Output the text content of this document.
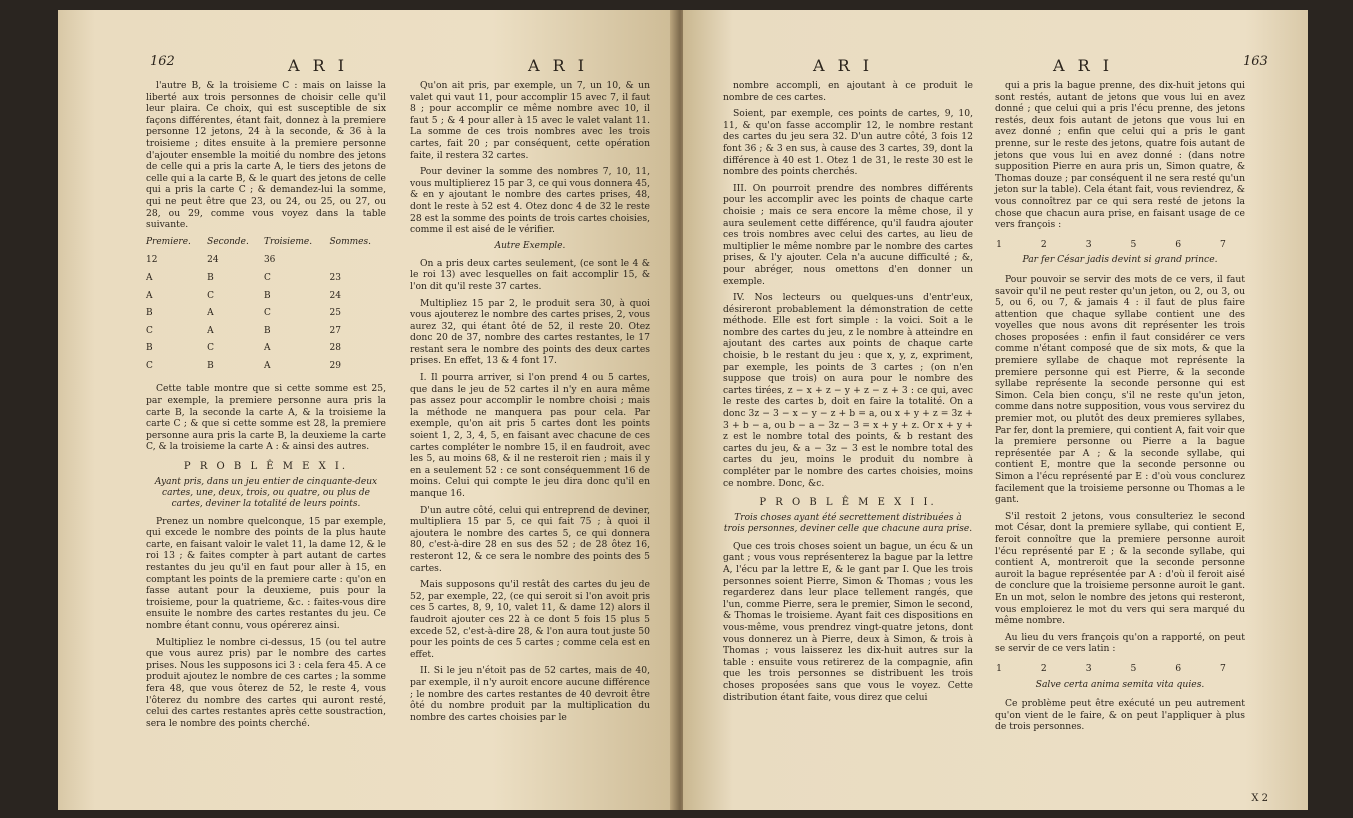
162	A R I	A R I

l'autre B, & la troisieme C : mais on laisse la liberté aux trois personnes de choisir celle qu'il leur plaira. Ce choix, qui est susceptible de six façons différentes, étant fait, donnez à la premiere personne 12 jetons, 24 à la seconde, & 36 à la troisieme ; dites ensuite à la premiere personne d'ajouter ensemble la moitié du nombre des jetons de celle qui a pris la carte A, le tiers des jetons de celle qui a la carte B, & le quart des jetons de celle qui a pris la carte C ; & demandez-lui la somme, qui ne peut être que 23, ou 24, ou 25, ou 27, ou 28, ou 29, comme vous voyez dans la table suivante.

Premiere.	Seconde.	Troisieme.	Sommes.
12	24	36	
A	B	C	23
A	C	B	24
B	A	C	25
C	A	B	27
B	C	A	28
C	B	A	29

Cette table montre que si cette somme est 25, par exemple, la premiere personne aura pris la carte B, la seconde la carte A, & la troisieme la carte C ; & que si cette somme est 28, la premiere personne aura pris la carte B, la deuxieme la carte C, & la troisieme la carte A : & ainsi des autres.

P R O B L Ê M E X I.
Ayant pris, dans un jeu entier de cinquante-deux cartes, une, deux, trois, ou quatre, ou plus de cartes, deviner la totalité de leurs points.

Prenez un nombre quelconque, 15 par exemple, qui excede le nombre des points de la plus haute carte, en faisant valoir le valet 11, la dame 12, & le roi 13 ; & faites compter à part autant de cartes restantes du jeu qu'il en faut pour aller à 15, en comptant les points de la premiere carte : qu'on en fasse autant pour la deuxieme, puis pour la troisieme, pour la quatrieme, &c. : faites-vous dire ensuite le nombre des cartes restantes du jeu. Ce nombre étant connu, vous opérerez ainsi.

Multipliez le nombre ci-dessus, 15 (ou tel autre que vous aurez pris) par le nombre des cartes prises. Nous les supposons ici 3 : cela fera 45. A ce produit ajoutez le nombre de ces cartes ; la somme fera 48, que vous ôterez de 52, le reste 4, vous l'ôterez du nombre des cartes qui auront resté, celui des cartes restantes après cette soustraction, sera le nombre des points cherché.

Qu'on ait pris, par exemple, un 7, un 10, & un valet qui vaut 11, pour accomplir 15 avec 7, il faut 8 ; pour accomplir ce même nombre avec 10, il faut 5 ; & 4 pour aller à 15 avec le valet valant 11. La somme de ces trois nombres avec les trois cartes, fait 20 ; par conséquent, cette opération faite, il restera 32 cartes.

Pour deviner la somme des nombres 7, 10, 11, vous multiplierez 15 par 3, ce qui vous donnera 45, & en y ajoutant le nombre des cartes prises, 48, dont le reste à 52 est 4. Otez donc 4 de 32 le reste 28 est la somme des points de trois cartes choisies, comme il est aisé de le vérifier.

Autre Exemple.

On a pris deux cartes seulement, (ce sont le 4 & le roi 13) avec lesquelles on fait accomplir 15, & l'on dit qu'il reste 37 cartes.

Multipliez 15 par 2, le produit sera 30, à quoi vous ajouterez le nombre des cartes prises, 2, vous aurez 32, qui étant ôté de 52, il reste 20. Otez donc 20 de 37, nombre des cartes restantes, le 17 restant sera le nombre des points des deux cartes prises. En effet, 13 & 4 font 17.

I. Il pourra arriver, si l'on prend 4 ou 5 cartes, que dans le jeu de 52 cartes il n'y en aura même pas assez pour accomplir le nombre choisi ; mais la méthode ne manquera pas pour cela. Par exemple, qu'on ait pris 5 cartes dont les points soient 1, 2, 3, 4, 5, en faisant avec chacune de ces cartes compléter le nombre 15, il en faudroit, avec les 5, au moins 68, & il ne resteroit rien ; mais il y en a seulement 52 : ce sont conséquemment 16 de moins. Celui qui compte le jeu dira donc qu'il en manque 16.

D'un autre côté, celui qui entreprend de deviner, multipliera 15 par 5, ce qui fait 75 ; à quoi il ajoutera le nombre des cartes 5, ce qui donnera 80, c'est-à-dire 28 en sus des 52 ; de 28 ôtez 16, resteront 12, & ce sera le nombre des points des 5 cartes.

Mais supposons qu'il restât des cartes du jeu de 52, par exemple, 22, (ce qui seroit si l'on avoit pris ces 5 cartes, 8, 9, 10, valet 11, & dame 12) alors il faudroit ajouter ces 22 à ce dont 5 fois 15 plus 5 excede 52, c'est-à-dire 28, & l'on aura tout juste 50 pour les points de ces 5 cartes ; comme cela est en effet.

II. Si le jeu n'étoit pas de 52 cartes, mais de 40, par exemple, il n'y auroit encore aucune différence ; le nombre des cartes restantes de 40 devroit être ôté du nombre produit par la multiplication du nombre des cartes choisies par le

A R I	A R I	163

nombre accompli, en ajoutant à ce produit le nombre de ces cartes.

Soient, par exemple, ces points de cartes, 9, 10, 11, & qu'on fasse accomplir 12, le nombre restant des cartes du jeu sera 32. D'un autre côté, 3 fois 12 font 36 ; & 3 en sus, à cause des 3 cartes, 39, dont la différence à 40 est 1. Otez 1 de 31, le reste 30 est le nombre des points cherchés.

III. On pourroit prendre des nombres différents pour les accomplir avec les points de chaque carte choisie ; mais ce sera encore la même chose, il y aura seulement cette différence, qu'il faudra ajouter ces trois nombres avec celui des cartes, au lieu de multiplier le même nombre par le nombre des cartes prises, & l'y ajouter. Cela n'a aucune difficulté ; &, pour abréger, nous omettons d'en donner un exemple.

IV. Nos lecteurs ou quelques-uns d'entr'eux, désireront probablement la démonstration de cette méthode. Elle est fort simple : la voici. Soit a le nombre des cartes du jeu, z le nombre à atteindre en ajoutant des cartes aux points de chaque carte choisie, b le restant du jeu : que x, y, z, expriment, par exemple, les points de 3 cartes ; (on n'en suppose que trois) on aura pour le nombre des cartes tirées, z − x + z − y + z − z + 3 : ce qui, avec le reste des cartes b, doit en faire la totalité. On a donc 3z − 3 − x − y − z + b = a, ou x + y + z = 3z + 3 + b − a, ou b − a − 3z − 3 = x + y + z. Or x + y + z est le nombre total des points, & b restant des cartes du jeu, & a − 3z − 3 est le nombre total des cartes du jeu, moins le produit du nombre à compléter par le nombre des cartes choisies, moins ce nombre. Donc, &c.

P R O B L Ê M E X I I.
Trois choses ayant été secrettement distribuées à trois personnes, deviner celle que chacune aura prise.

Que ces trois choses soient un bague, un écu & un gant ; vous vous représenterez la bague par la lettre A, l'écu par la lettre E, & le gant par I. Que les trois personnes soient Pierre, Simon & Thomas ; vous les regarderez dans leur place tellement rangés, que l'un, comme Pierre, sera le premier, Simon le second, & Thomas le troisieme. Ayant fait ces dispositions en vous-même, vous prendrez vingt-quatre jetons, dont vous donnerez un à Pierre, deux à Simon, & trois à Thomas ; vous laisserez les dix-huit autres sur la table : ensuite vous retirerez de la compagnie, afin que les trois personnes se distribuent les trois choses proposées sans que vous le voyez. Cette distribution étant faite, vous direz que celui

qui a pris la bague prenne, des dix-huit jetons qui sont restés, autant de jetons que vous lui en avez donné ; que celui qui a pris l'écu prenne, des jetons restés, deux fois autant de jetons que vous lui en avez donné ; enfin que celui qui a pris le gant prenne, sur le reste des jetons, quatre fois autant de jetons que vous lui en avez donné : (dans notre supposition Pierre en aura pris un, Simon quatre, & Thomas douze ; par conséquent il ne sera resté qu'un jeton sur la table). Cela étant fait, vous reviendrez, & vous connoîtrez par ce qui sera resté de jetons la chose que chacun aura prise, en faisant usage de ce vers françois :

1 2 3 5 6 7
Par fer César jadis devint si grand prince.

Pour pouvoir se servir des mots de ce vers, il faut savoir qu'il ne peut rester qu'un jeton, ou 2, ou 3, ou 5, ou 6, ou 7, & jamais 4 : il faut de plus faire attention que chaque syllabe contient une des voyelles que nous avons dit représenter les trois choses proposées : enfin il faut considérer ce vers comme n'étant composé que de six mots, & que la premiere syllabe de chaque mot représente la premiere personne qui est Pierre, & la seconde syllabe représente la seconde personne qui est Simon. Cela bien conçu, s'il ne reste qu'un jeton, comme dans notre supposition, vous vous servirez du premier mot, ou plutôt des deux premieres syllabes, Par fer, dont la premiere, qui contient A, fait voir que la premiere personne ou Pierre a la bague représentée par A ; & la seconde syllabe, qui contient E, montre que la seconde personne ou Simon a l'écu représenté par E : d'où vous conclurez facilement que la troisieme personne ou Thomas a le gant.

S'il restoit 2 jetons, vous consulteriez le second mot César, dont la premiere syllabe, qui contient E, feroit connoître que la premiere personne auroit l'écu représenté par E ; & la seconde syllabe, qui contient A, montreroit que la seconde personne auroit la bague représentée par A : d'où il feroit aisé de conclure que la troisieme personne auroit le gant. En un mot, selon le nombre des jetons qui resteront, vous emploierez le mot du vers qui sera marqué du même nombre.

Au lieu du vers françois qu'on a rapporté, on peut se servir de ce vers latin :

1 2 3 5 6 7
Salve certa anima semita vita quies.

Ce problème peut être exécuté un peu autrement qu'on vient de le faire, & on peut l'appliquer à plus de trois personnes.

X 2
